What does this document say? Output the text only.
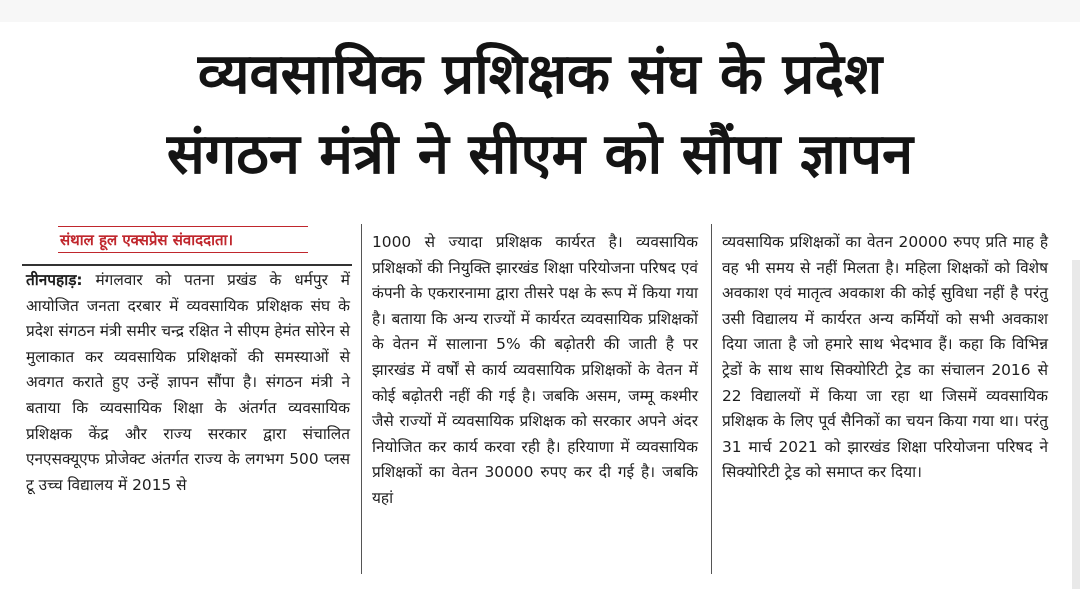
व्यवसायिक प्रशिक्षक संघ के प्रदेश
संगठन मंत्री ने सीएम को सौंपा ज्ञापन
संथाल हूल एक्सप्रेस संवाददाता।

तीनपहाड़: मंगलवार को पतना प्रखंड के धर्मपुर में आयोजित जनता दरबार में व्यवसायिक प्रशिक्षक संघ के प्रदेश संगठन मंत्री समीर चन्द्र रक्षित ने सीएम हेमंत सोरेन से मुलाकात कर व्यवसायिक प्रशिक्षकों की समस्याओं से अवगत कराते हुए उन्हें ज्ञापन सौंपा है। संगठन मंत्री ने बताया कि व्यवसायिक शिक्षा के अंतर्गत व्यवसायिक प्रशिक्षक केंद्र और राज्य सरकार द्वारा संचालित एनएसक्यूएफ प्रोजेक्ट अंतर्गत राज्य के लगभग 500 प्लस टू उच्च विद्यालय में 2015 से

1000 से ज्यादा प्रशिक्षक कार्यरत है। व्यवसायिक प्रशिक्षकों की नियुक्ति झारखंड शिक्षा परियोजना परिषद एवं कंपनी के एकरारनामा द्वारा तीसरे पक्ष के रूप में किया गया है। बताया कि अन्य राज्यों में कार्यरत व्यवसायिक प्रशिक्षकों के वेतन में सालाना 5% की बढ़ोतरी की जाती है पर झारखंड में वर्षों से कार्य व्यवसायिक प्रशिक्षकों के वेतन में कोई बढ़ोतरी नहीं की गई है। जबकि असम, जम्मू कश्मीर जैसे राज्यों में व्यवसायिक प्रशिक्षक को सरकार अपने अंदर नियोजित कर कार्य करवा रही है। हरियाणा में व्यवसायिक प्रशिक्षकों का वेतन 30000 रुपए कर दी गई है। जबकि यहां

व्यवसायिक प्रशिक्षकों का वेतन 20000 रुपए प्रति माह है वह भी समय से नहीं मिलता है। महिला शिक्षकों को विशेष अवकाश एवं मातृत्व अवकाश की कोई सुविधा नहीं है परंतु उसी विद्यालय में कार्यरत अन्य कर्मियों को सभी अवकाश दिया जाता है जो हमारे साथ भेदभाव हैं। कहा कि विभिन्न ट्रेडों के साथ साथ सिक्योरिटी ट्रेड का संचालन 2016 से 22 विद्यालयों में किया जा रहा था जिसमें व्यवसायिक प्रशिक्षक के लिए पूर्व सैनिकों का चयन किया गया था। परंतु 31 मार्च 2021 को झारखंड शिक्षा परियोजना परिषद ने सिक्योरिटी ट्रेड को समाप्त कर दिया।
